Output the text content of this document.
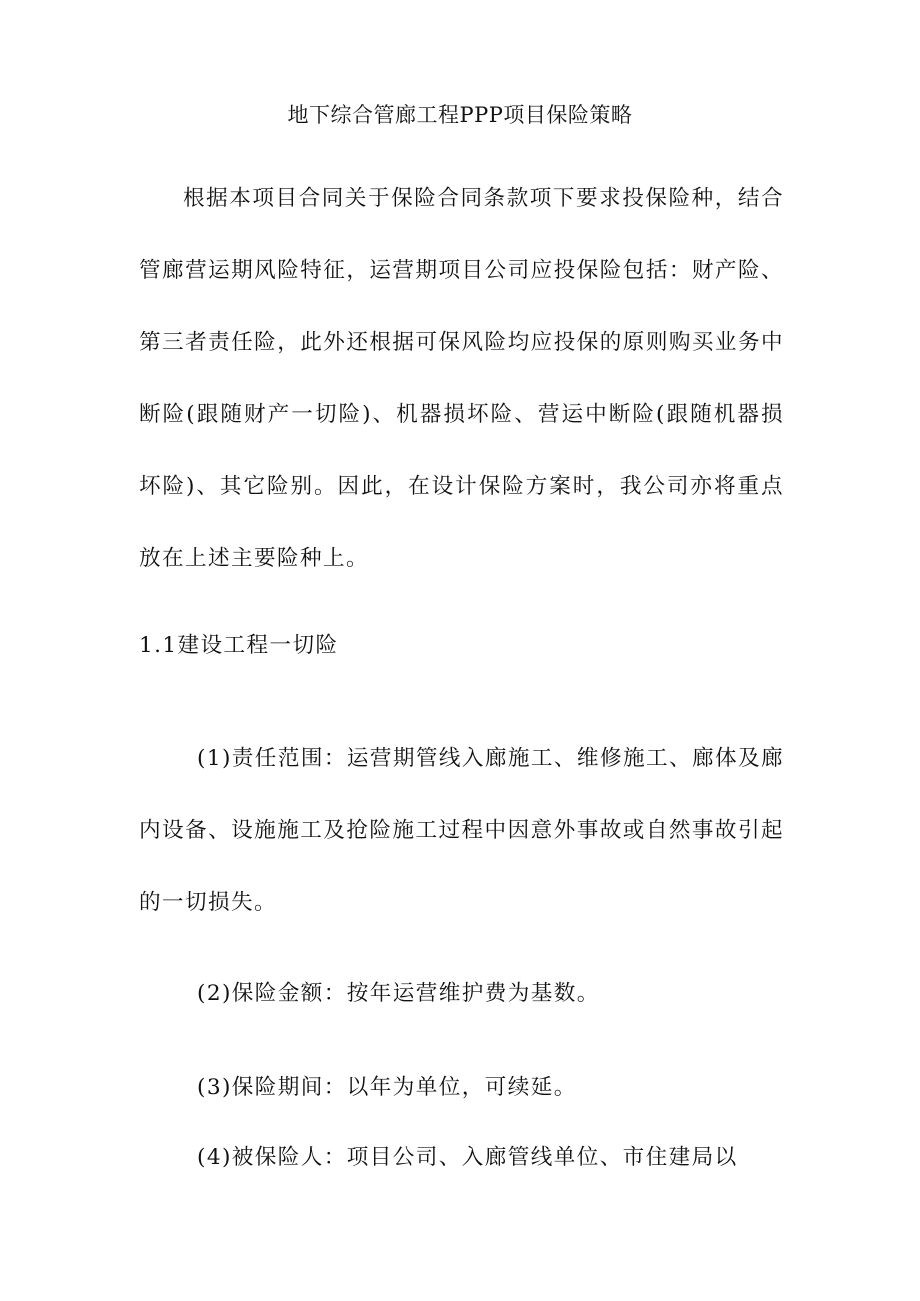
地下综合管廊工程PPP项目保险策略

根据本项目合同关于保险合同条款项下要求投保险种，结合管廊营运期风险特征，运营期项目公司应投保险包括：财产险、第三者责任险，此外还根据可保风险均应投保的原则购买业务中断险(跟随财产一切险)、机器损坏险、营运中断险(跟随机器损坏险)、其它险别。因此，在设计保险方案时，我公司亦将重点放在上述主要险种上。

1.1建设工程一切险

(1)责任范围：运营期管线入廊施工、维修施工、廊体及廊内设备、设施施工及抢险施工过程中因意外事故或自然事故引起的一切损失。

(2)保险金额：按年运营维护费为基数。

(3)保险期间：以年为单位，可续延。

(4)被保险人：项目公司、入廊管线单位、市住建局以
